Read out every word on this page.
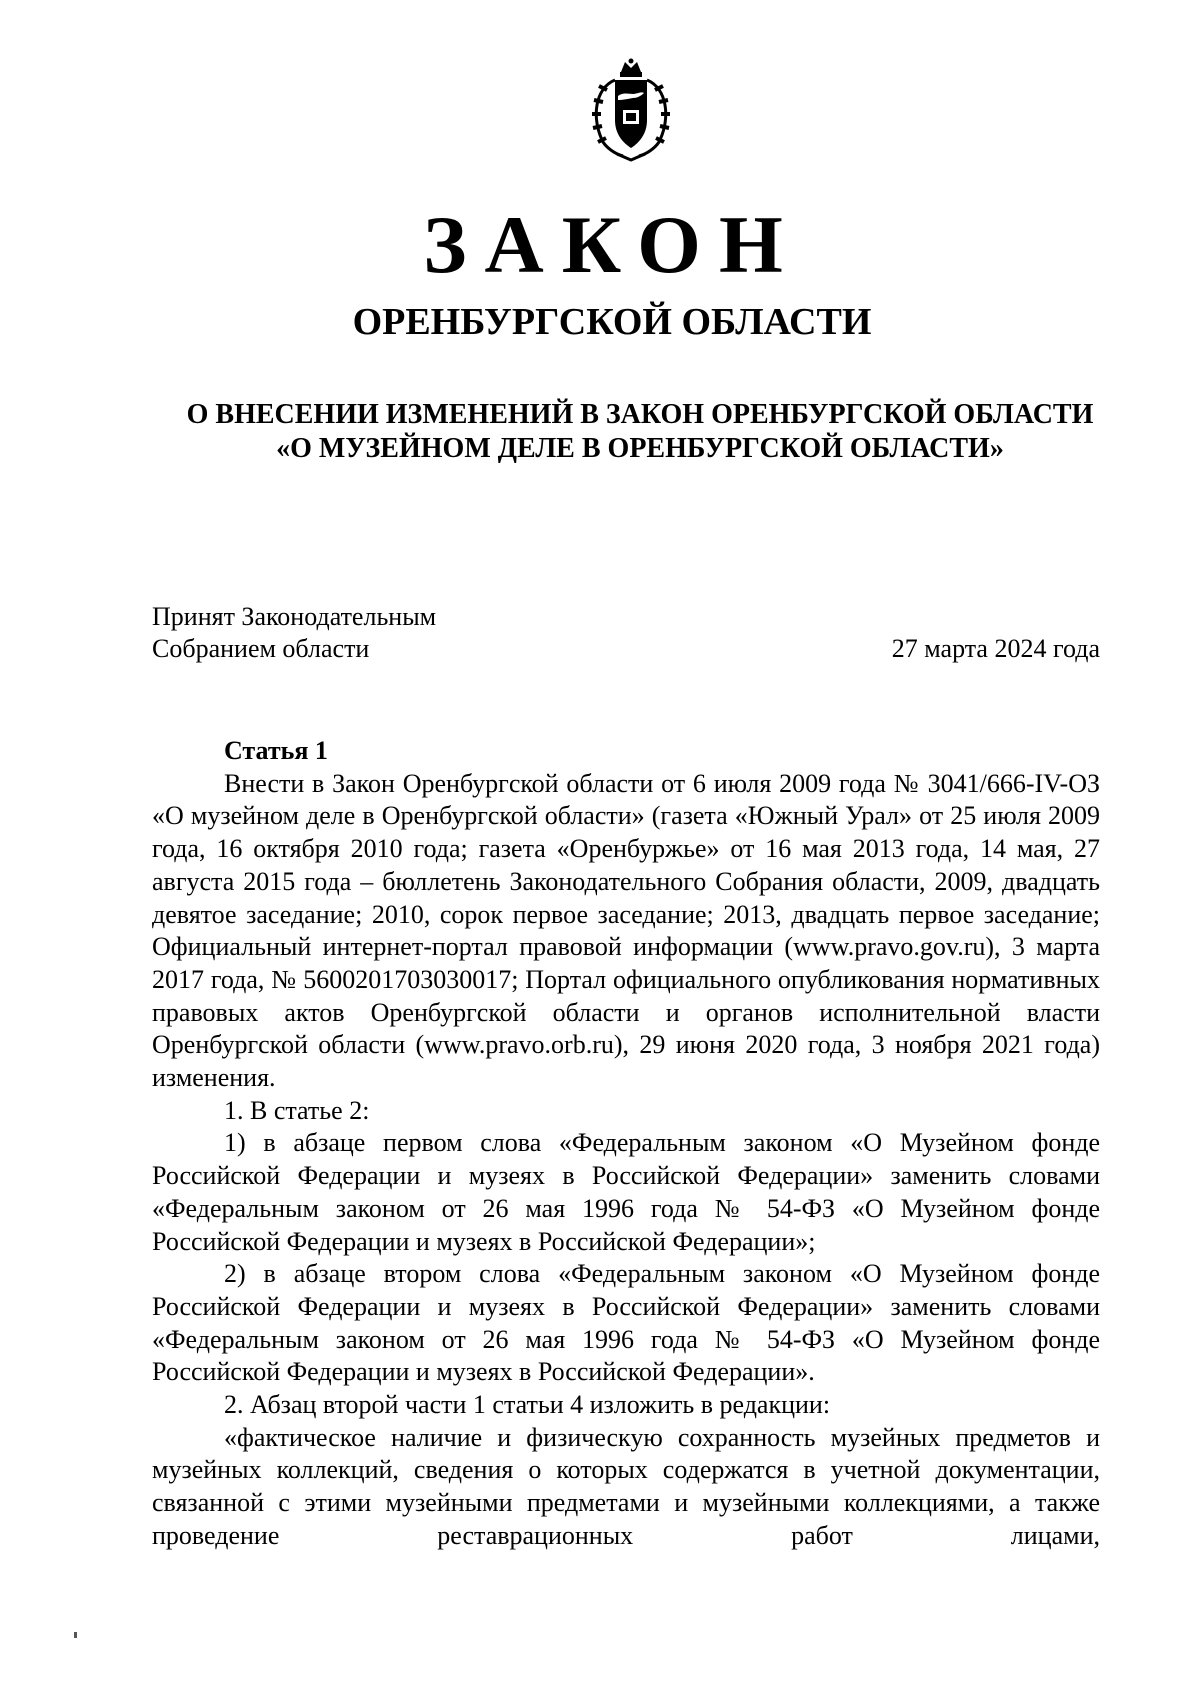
ЗАКОН
ОРЕНБУРГСКОЙ ОБЛАСТИ
О ВНЕСЕНИИ ИЗМЕНЕНИЙ В ЗАКОН ОРЕНБУРГСКОЙ ОБЛАСТИ
«О МУЗЕЙНОМ ДЕЛЕ В ОРЕНБУРГСКОЙ ОБЛАСТИ»
Принят Законодательным
Собранием области	27 марта 2024 года

Статья 1

Внести в Закон Оренбургской области от 6 июля 2009 года № 3041/666-IV-ОЗ «О музейном деле в Оренбургской области» (газета «Южный Урал» от 25 июля 2009 года, 16 октября 2010 года; газета «Оренбуржье» от 16 мая 2013 года, 14 мая, 27 августа 2015 года – бюллетень Законодательного Собрания области, 2009, двадцать девятое заседание; 2010, сорок первое заседание; 2013, двадцать первое заседание; Официальный интернет-портал правовой информации (www.pravo.gov.ru), 3 марта 2017 года, № 5600201703030017; Портал официального опубликования нормативных правовых актов Оренбургской области и органов исполнительной власти Оренбургской области (www.pravo.orb.ru), 29 июня 2020 года, 3 ноября 2021 года) изменения.

1. В статье 2:

1) в абзаце первом слова «Федеральным законом «О Музейном фонде Российской Федерации и музеях в Российской Федерации» заменить словами «Федеральным законом от 26 мая 1996 года № 54-ФЗ «О Музейном фонде Российской Федерации и музеях в Российской Федерации»;

2) в абзаце втором слова «Федеральным законом «О Музейном фонде Российской Федерации и музеях в Российской Федерации» заменить словами «Федеральным законом от 26 мая 1996 года № 54-ФЗ «О Музейном фонде Российской Федерации и музеях в Российской Федерации».

2. Абзац второй части 1 статьи 4 изложить в редакции:

«фактическое наличие и физическую сохранность музейных предметов и музейных коллекций, сведения о которых содержатся в учетной документации, связанной с этими музейными предметами и музейными коллекциями, а также проведение реставрационных работ лицами,
